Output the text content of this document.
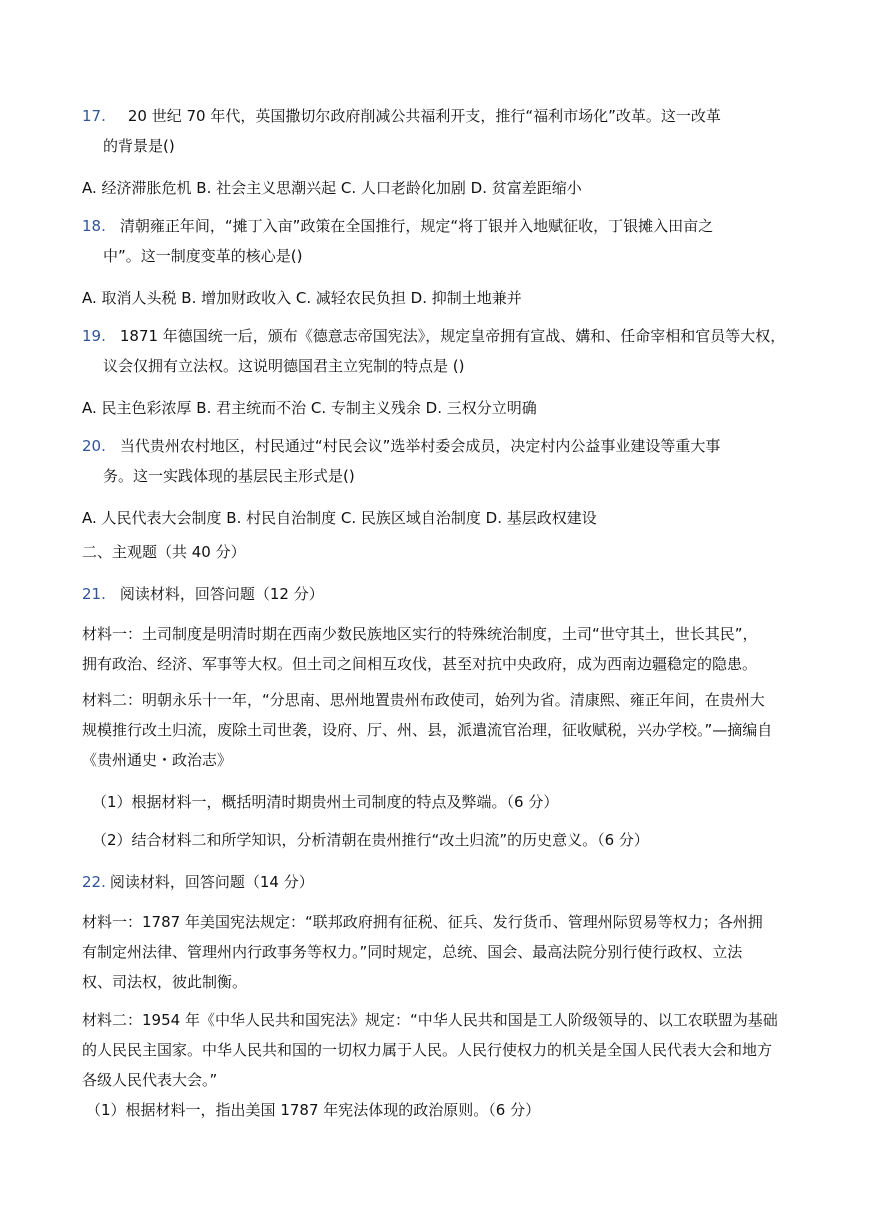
17. 20 世纪 70 年代，英国撒切尔政府削减公共福利开支，推行“福利市场化”改革。这一改革
的背景是()
A. 经济滞胀危机 B. 社会主义思潮兴起 C. 人口老龄化加剧 D. 贫富差距缩小
18. 清朝雍正年间，“摊丁入亩”政策在全国推行，规定“将丁银并入地赋征收，丁银摊入田亩之
中”。这一制度变革的核心是()
A. 取消人头税 B. 增加财政收入 C. 减轻农民负担 D. 抑制土地兼并
19. 1871 年德国统一后，颁布《德意志帝国宪法》，规定皇帝拥有宣战、媾和、任命宰相和官员等大权，
议会仅拥有立法权。这说明德国君主立宪制的特点是 ()
A. 民主色彩浓厚 B. 君主统而不治 C. 专制主义残余 D. 三权分立明确
20. 当代贵州农村地区，村民通过“村民会议”选举村委会成员，决定村内公益事业建设等重大事
务。这一实践体现的基层民主形式是()
A. 人民代表大会制度 B. 村民自治制度 C. 民族区域自治制度 D. 基层政权建设
二、主观题（共 40 分）
21. 阅读材料，回答问题（12 分）
材料一：土司制度是明清时期在西南少数民族地区实行的特殊统治制度，土司“世守其土，世长其民”，
拥有政治、经济、军事等大权。但土司之间相互攻伐，甚至对抗中央政府，成为西南边疆稳定的隐患。
材料二：明朝永乐十一年，“分思南、思州地置贵州布政使司，始列为省。清康熙、雍正年间，在贵州大
规模推行改土归流，废除土司世袭，设府、厅、州、县，派遣流官治理，征收赋税，兴办学校。”—摘编自
《贵州通史・政治志》
（1）根据材料一，概括明清时期贵州土司制度的特点及弊端。（6 分）
（2）结合材料二和所学知识，分析清朝在贵州推行“改土归流”的历史意义。（6 分）
22. 阅读材料，回答问题（14 分）
材料一：1787 年美国宪法规定：“联邦政府拥有征税、征兵、发行货币、管理州际贸易等权力；各州拥
有制定州法律、管理州内行政事务等权力。”同时规定，总统、国会、最高法院分别行使行政权、立法
权、司法权，彼此制衡。
材料二：1954 年《中华人民共和国宪法》规定：“中华人民共和国是工人阶级领导的、以工农联盟为基础
的人民民主国家。中华人民共和国的一切权力属于人民。人民行使权力的机关是全国人民代表大会和地方
各级人民代表大会。”
（1）根据材料一，指出美国 1787 年宪法体现的政治原则。（6 分）
